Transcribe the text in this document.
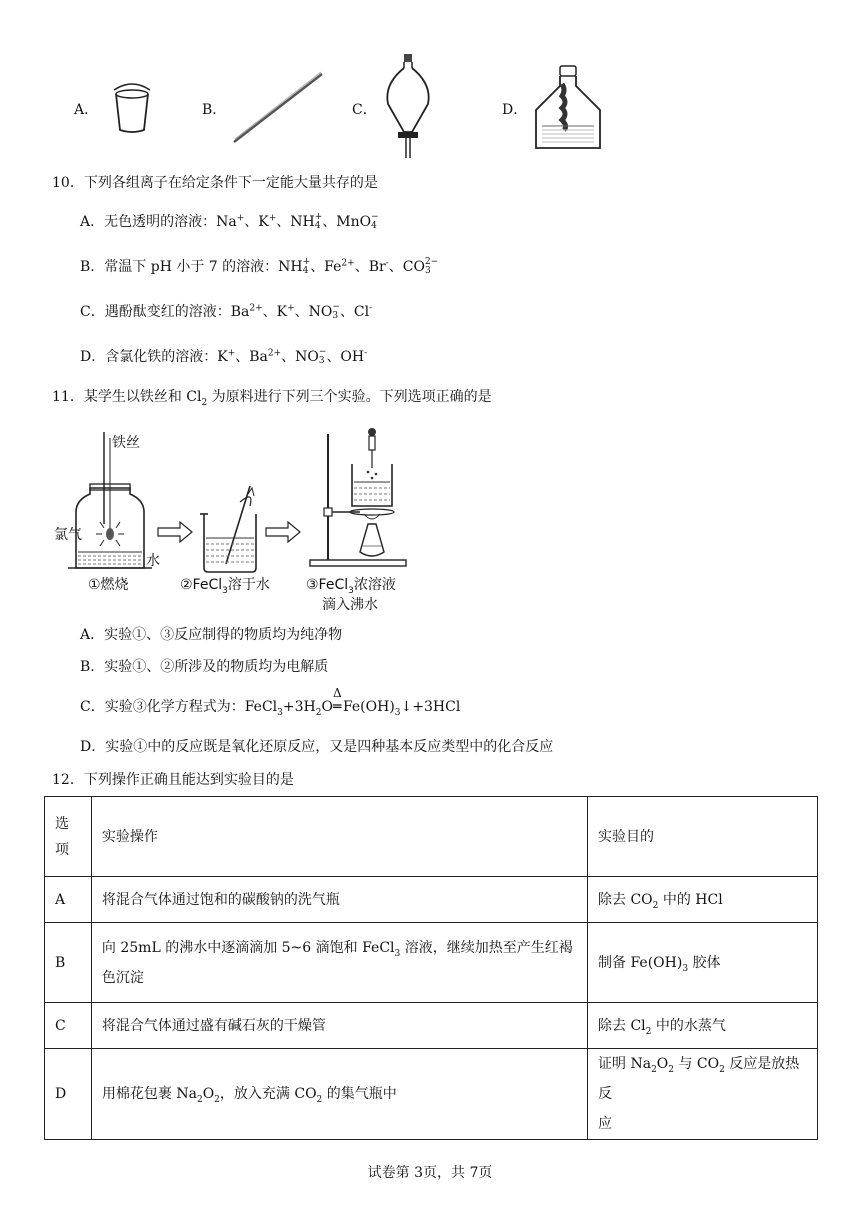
A．	B．	C．	D．
10．下列各组离子在给定条件下一定能大量共存的是
A．无色透明的溶液：Na+、K+、NH +
4 、MnO −
4
B．常温下 pH 小于 7 的溶液：NH +
4 、$Fe^{2+}$、Br-、CO 2−
3
C．遇酚酞变红的溶液：$Ba^{2+}$、K+、NO −
3 、Cl-
D．含氯化铁的溶液：K+、$Ba^{2+}$、NO −
3 、OH-
11．某学生以铁丝和 $Cl_2$ 为原料进行下列三个实验。下列选项正确的是
铁丝
氯气
水
①燃烧	②FeCl$_3$溶于水	③FeCl$_3$浓溶液
滴入沸水
A．实验①、③反应制得的物质均为纯净物
B．实验①、②所涉及的物质均为电解质
C．实验③化学方程式为：$FeCl_3+3H_2O$
Δ
═ $Fe(OH)_3↓+3HCl$
D．实验①中的反应既是氧化还原反应，又是四种基本反应类型中的化合反应
12．下列操作正确且能达到实验目的是
选
项	实验操作	实验目的
A	将混合气体通过饱和的碳酸钠的洗气瓶	除去 $CO_2$ 中的 HCl
B	向 25mL 的沸水中逐滴滴加 5~6 滴饱和 FeCl$_3$ 溶液，继续加热至产生红褐
色沉淀	制备 $Fe(OH)_3$ 胶体
C	将混合气体通过盛有碱石灰的干燥管	除去 $Cl_2$ 中的水蒸气
D	用棉花包裹 $Na_2O_2$，放入充满 $CO_2$ 的集气瓶中	证明 $Na_2O_2$ 与 $CO_2$ 反应是放热反
应
试卷第 3页，共 7页
